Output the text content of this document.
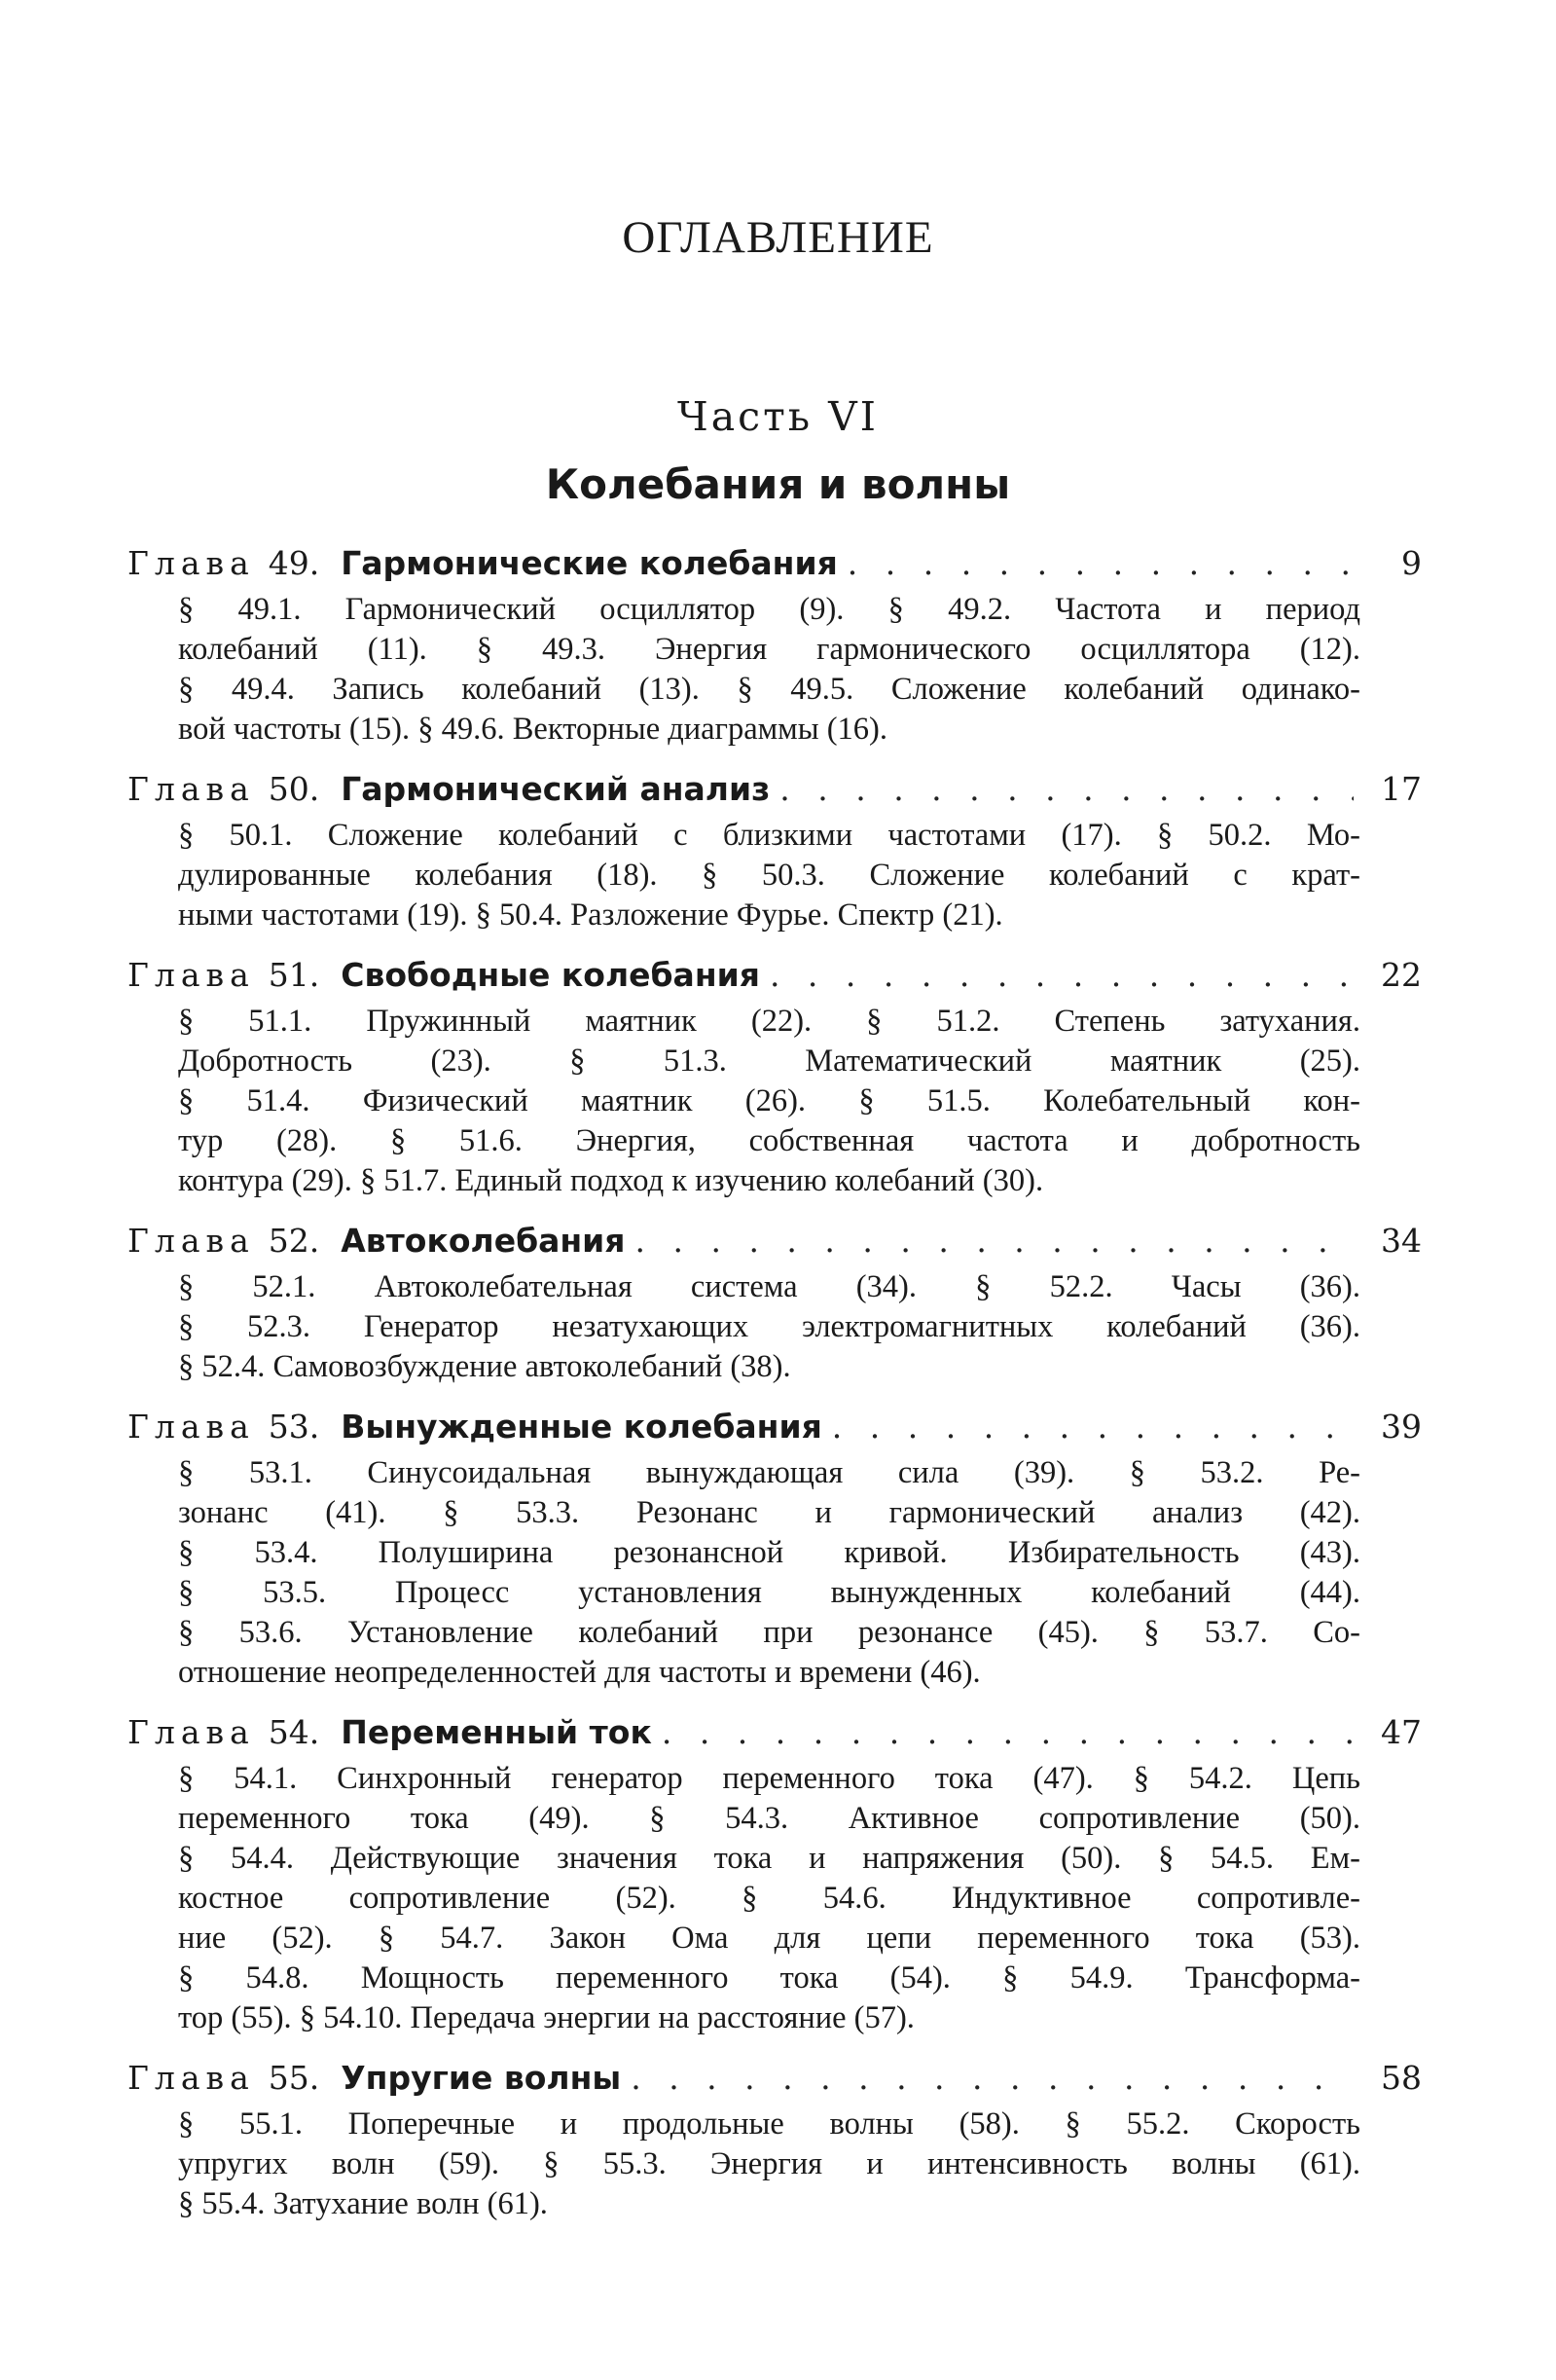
ОГЛАВЛЕНИЕ
Часть VI
Колебания и волны
Глава 49. Гармонические колебания . . .	9
§ 49.1. Гармонический осциллятор (9). § 49.2. Частота и период
колебаний (11). § 49.3. Энергия гармонического осциллятора (12).
§ 49.4. Запись колебаний (13). § 49.5. Сложение колебаний одинако-
вой частоты (15). § 49.6. Векторные диаграммы (16).
Глава 50. Гармонический анализ . . .	17
§ 50.1. Сложение колебаний с близкими частотами (17). § 50.2. Мо-
дулированные колебания (18). § 50.3. Сложение колебаний с крат-
ными частотами (19). § 50.4. Разложение Фурье. Спектр (21).
Глава 51. Свободные колебания . . .	22
§ 51.1. Пружинный маятник (22). § 51.2. Степень затухания.
Добротность (23). § 51.3. Математический маятник (25).
§ 51.4. Физический маятник (26). § 51.5. Колебательный кон-
тур (28). § 51.6. Энергия, собственная частота и добротность
контура (29). § 51.7. Единый подход к изучению колебаний (30).
Глава 52. Автоколебания . . .	34
§ 52.1. Автоколебательная система (34). § 52.2. Часы (36).
§ 52.3. Генератор незатухающих электромагнитных колебаний (36).
§ 52.4. Самовозбуждение автоколебаний (38).
Глава 53. Вынужденные колебания . . .	39
§ 53.1. Синусоидальная вынуждающая сила (39). § 53.2. Ре-
зонанс (41). § 53.3. Резонанс и гармонический анализ (42).
§ 53.4. Полуширина резонансной кривой. Избирательность (43).
§ 53.5. Процесс установления вынужденных колебаний (44).
§ 53.6. Установление колебаний при резонансе (45). § 53.7. Со-
отношение неопределенностей для частоты и времени (46).
Глава 54. Переменный ток . . .	47
§ 54.1. Синхронный генератор переменного тока (47). § 54.2. Цепь
переменного тока (49). § 54.3. Активное сопротивление (50).
§ 54.4. Действующие значения тока и напряжения (50). § 54.5. Ем-
костное сопротивление (52). § 54.6. Индуктивное сопротивле-
ние (52). § 54.7. Закон Ома для цепи переменного тока (53).
§ 54.8. Мощность переменного тока (54). § 54.9. Трансформа-
тор (55). § 54.10. Передача энергии на расстояние (57).
Глава 55. Упругие волны . . .	58
§ 55.1. Поперечные и продольные волны (58). § 55.2. Скорость
упругих волн (59). § 55.3. Энергия и интенсивность волны (61).
§ 55.4. Затухание волн (61).
